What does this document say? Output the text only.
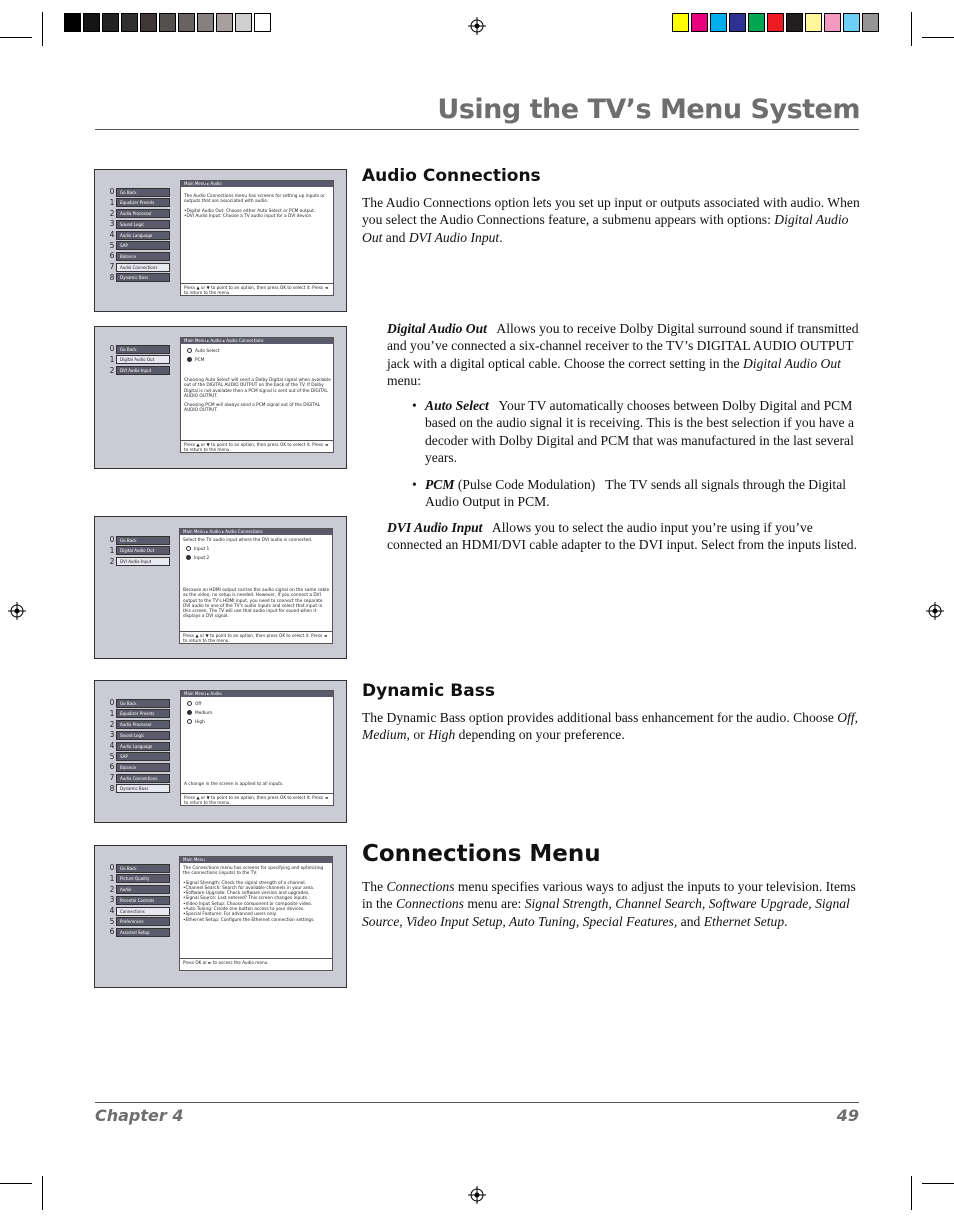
Using the TV’s Menu System
Audio Connections
The Audio Connections option lets you set up input or outputs associated with audio. When you select the Audio Connections feature, a submenu appears with options: Digital Audio Out and DVI Audio Input.
Digital Audio Out Allows you to receive Dolby Digital surround sound if transmitted and you’ve connected a six-channel receiver to the TV’s DIGITAL AUDIO OUTPUT jack with a digital optical cable. Choose the correct setting in the Digital Audio Out menu:
• Auto Select Your TV automatically chooses between Dolby Digital and PCM based on the audio signal it is receiving. This is the best selection if you have a decoder with Dolby Digital and PCM that was manufactured in the last several years.
• PCM (Pulse Code Modulation) The TV sends all signals through the Digital Audio Output in PCM.
DVI Audio Input Allows you to select the audio input you’re using if you’ve connected an HDMI/DVI cable adapter to the DVI input. Select from the inputs listed.
Dynamic Bass
The Dynamic Bass option provides additional bass enhancement for the audio. Choose Off, Medium, or High depending on your preference.
Connections Menu
The Connections menu specifies various ways to adjust the inputs to your television. Items in the Connections menu are: Signal Strength, Channel Search, Software Upgrade, Signal Source, Video Input Setup, Auto Tuning, Special Features, and Ethernet Setup.
0	Go Back
1	Equalizer Presets
2	Audio Processor
3	Sound Logic
4	Audio Language
5	SAP
6	Balance
7	Audio Connections
8	Dynamic Bass
Main Menu ▸ Audio
The Audio Connections menu has screens for setting up inputs or outputs that are associated with audio.
•Digital Audio Out: Choose either Auto Select or PCM output.
•DVI Audio Input: Choose a TV audio input for a DVI device.
Press ▲ or ▼ to point to an option, then press OK to select it. Press ◄ to return to the menu.
0	Go Back
1	Digital Audio Out
2	DVI Audio Input
Main Menu ▸ Audio ▸ Audio Connections
Auto Select
PCM
Choosing Auto Select will send a Dolby Digital signal when available out of the DIGITAL AUDIO OUTPUT on the back of the TV. If Dolby Digital is not available then a PCM signal is sent out of the DIGITAL AUDIO OUTPUT.
Choosing PCM will always send a PCM signal out of the DIGITAL AUDIO OUTPUT.
Press ▲ or ▼ to point to an option, then press OK to select it. Press ◄ to return to the menu.
0	Go Back
1	Digital Audio Out
2	DVI Audio Input
Main Menu ▸ Audio ▸ Audio Connections
Select the TV audio input where the DVI audio is connected.
Input 1
Input 2
Because an HDMI output carries the audio signal on the same cable as the video, no setup is needed. However, if you connect a DVI output to the TV's HDMI input, you need to connect the separate DVI audio to one of the TV's audio inputs and select that input in this screen. The TV will use that audio input for sound when it displays a DVI signal.
Press ▲ or ▼ to point to an option, then press OK to select it. Press ◄ to return to the menu.
0	Go Back
1	Equalizer Presets
2	Audio Processor
3	Sound Logic
4	Audio Language
5	SAP
6	Balance
7	Audio Connections
8	Dynamic Bass
Main Menu ▸ Audio
Off
Medium
High
A change in the screen is applied to all inputs.
Press ▲ or ▼ to point to an option, then press OK to select it. Press ◄ to return to the menu.
0	Go Back
1	Picture Quality
2	Audio
3	Parental Controls
4	Connections
5	Preferences
6	Assisted Setup
Main Menu
The Connections menu has screens for specifying and optimizing the connections (inputs) to the TV.
•Signal Strength: Check the signal strength of a channel.
•Channel Search: Search for available channels in your area.
•Software Upgrade: Check software version and upgrades.
•Signal Source: Last entered? This screen changes inputs.
•Video Input Setup: Choose component or composite video.
•Auto Tuning: Create one button access to your devices.
•Special Features: For advanced users only.
•Ethernet Setup: Configure the Ethernet connection settings.
Press OK or ► to access the Audio menu.
Chapter 4	49
